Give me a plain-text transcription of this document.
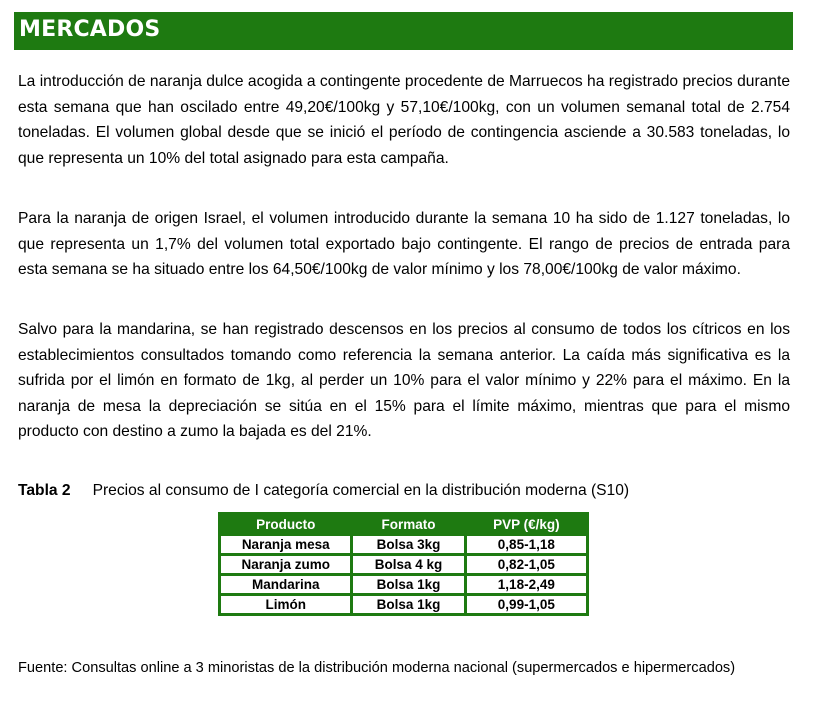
MERCADOS

La introducción de naranja dulce acogida a contingente procedente de Marruecos ha registrado precios durante esta semana que han oscilado entre 49,20€/100kg y 57,10€/100kg, con un volumen semanal total de 2.754 toneladas. El volumen global desde que se inició el período de contingencia asciende a 30.583 toneladas, lo que representa un 10% del total asignado para esta campaña.

Para la naranja de origen Israel, el volumen introducido durante la semana 10 ha sido de 1.127 toneladas, lo que representa un 1,7% del volumen total exportado bajo contingente. El rango de precios de entrada para esta semana se ha situado entre los 64,50€/100kg de valor mínimo y los 78,00€/100kg de valor máximo.

Salvo para la mandarina, se han registrado descensos en los precios al consumo de todos los cítricos en los establecimientos consultados tomando como referencia la semana anterior. La caída más significativa es la sufrida por el limón en formato de 1kg, al perder un 10% para el valor mínimo y 22% para el máximo. En la naranja de mesa la depreciación se sitúa en el 15% para el límite máximo, mientras que para el mismo producto con destino a zumo la bajada es del 21%.

Tabla 2 Precios al consumo de I categoría comercial en la distribución moderna (S10)
Producto	Formato	PVP (€/kg)
Naranja mesa	Bolsa 3kg	0,85-1,18
Naranja zumo	Bolsa 4 kg	0,82-1,05
Mandarina	Bolsa 1kg	1,18-2,49
Limón	Bolsa 1kg	0,99-1,05

Fuente: Consultas online a 3 minoristas de la distribución moderna nacional (supermercados e hipermercados)
